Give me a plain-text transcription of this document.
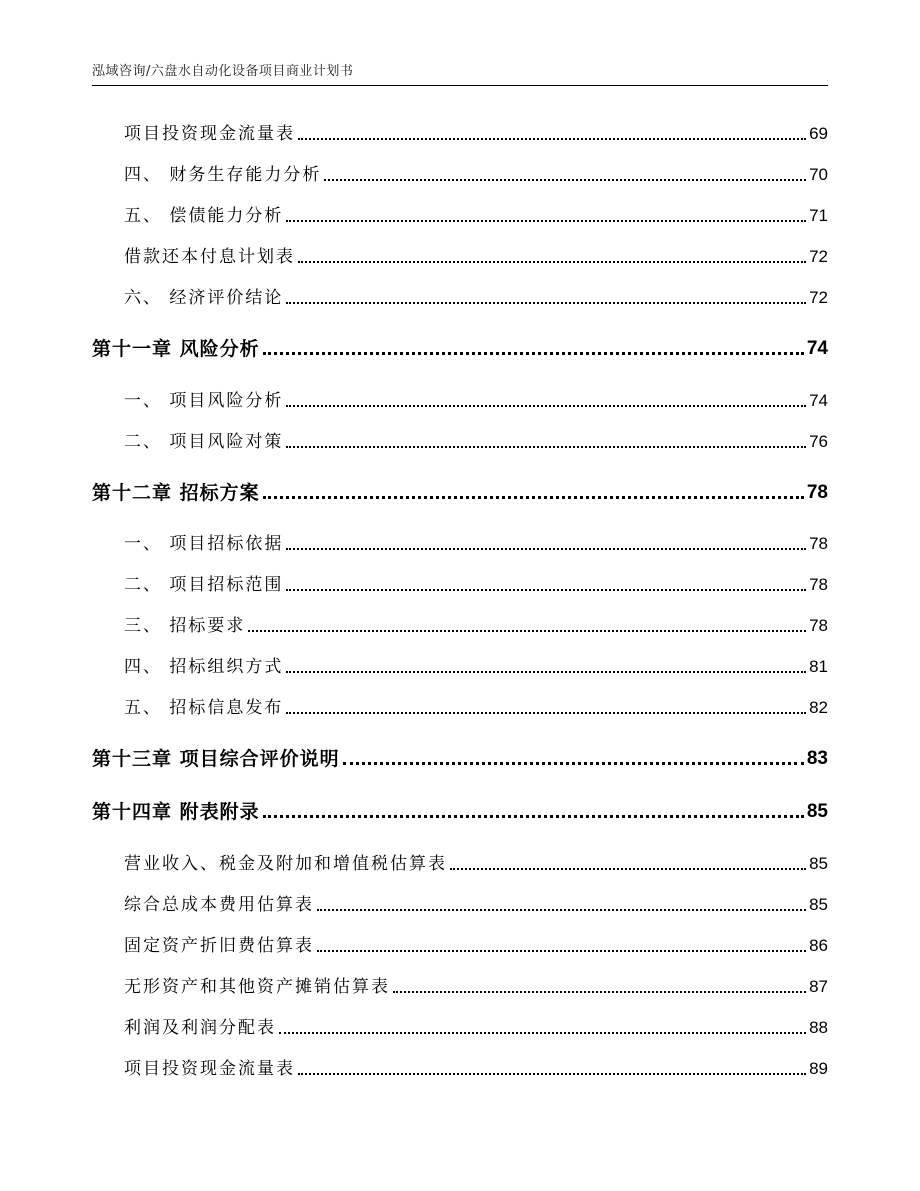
泓域咨询/六盘水自动化设备项目商业计划书
项目投资现金流量表	69
四、 财务生存能力分析	70
五、 偿债能力分析	71
借款还本付息计划表	72
六、 经济评价结论	72
第十一章 风险分析	74
一、 项目风险分析	74
二、 项目风险对策	76
第十二章 招标方案	78
一、 项目招标依据	78
二、 项目招标范围	78
三、 招标要求	78
四、 招标组织方式	81
五、 招标信息发布	82
第十三章 项目综合评价说明	83
第十四章 附表附录	85
营业收入、税金及附加和增值税估算表	85
综合总成本费用估算表	85
固定资产折旧费估算表	86
无形资产和其他资产摊销估算表	87
利润及利润分配表	88
项目投资现金流量表	89
